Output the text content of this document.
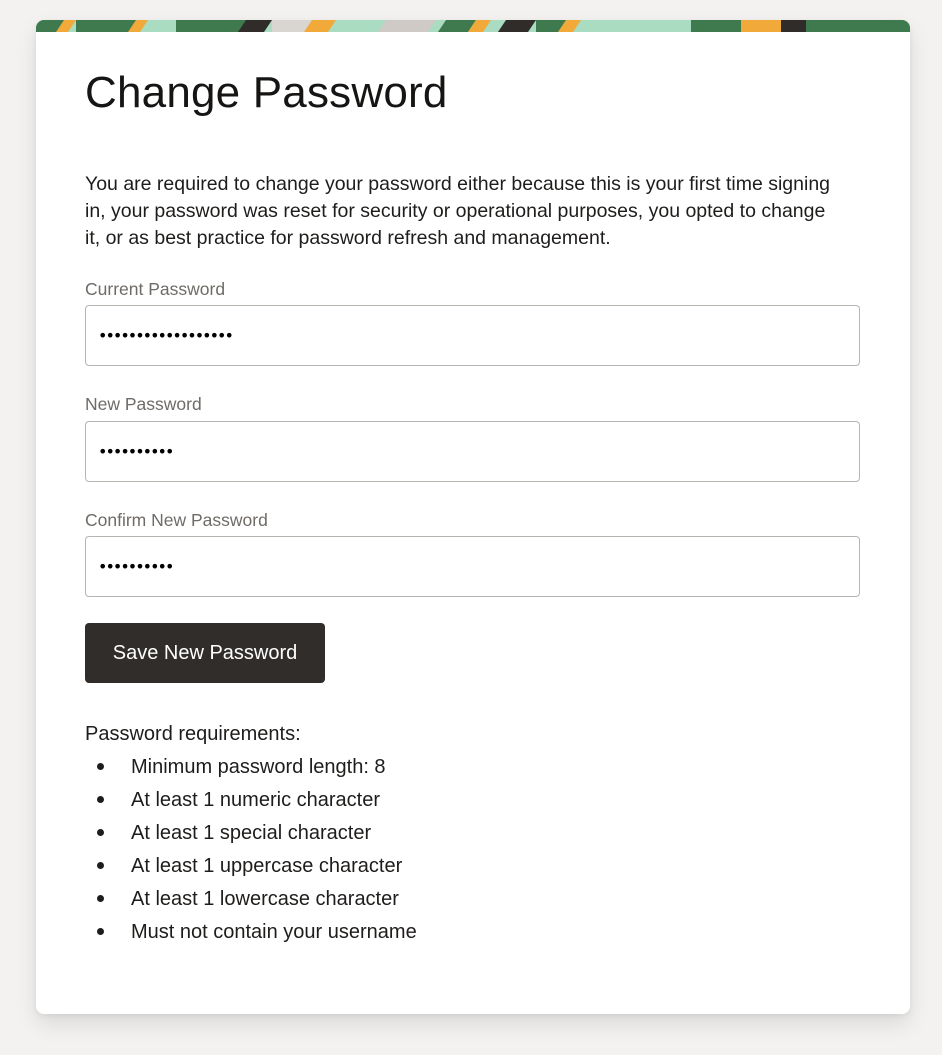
Change Password

You are required to change your password either because this is your first time signing in, your password was reset for security or operational purposes, you opted to change it, or as best practice for password refresh and management.

Current Password
••••••••••••••••••
New Password
••••••••••
Confirm New Password
••••••••••
Save New Password
Password requirements:
Minimum password length: 8
At least 1 numeric character
At least 1 special character
At least 1 uppercase character
At least 1 lowercase character
Must not contain your username
